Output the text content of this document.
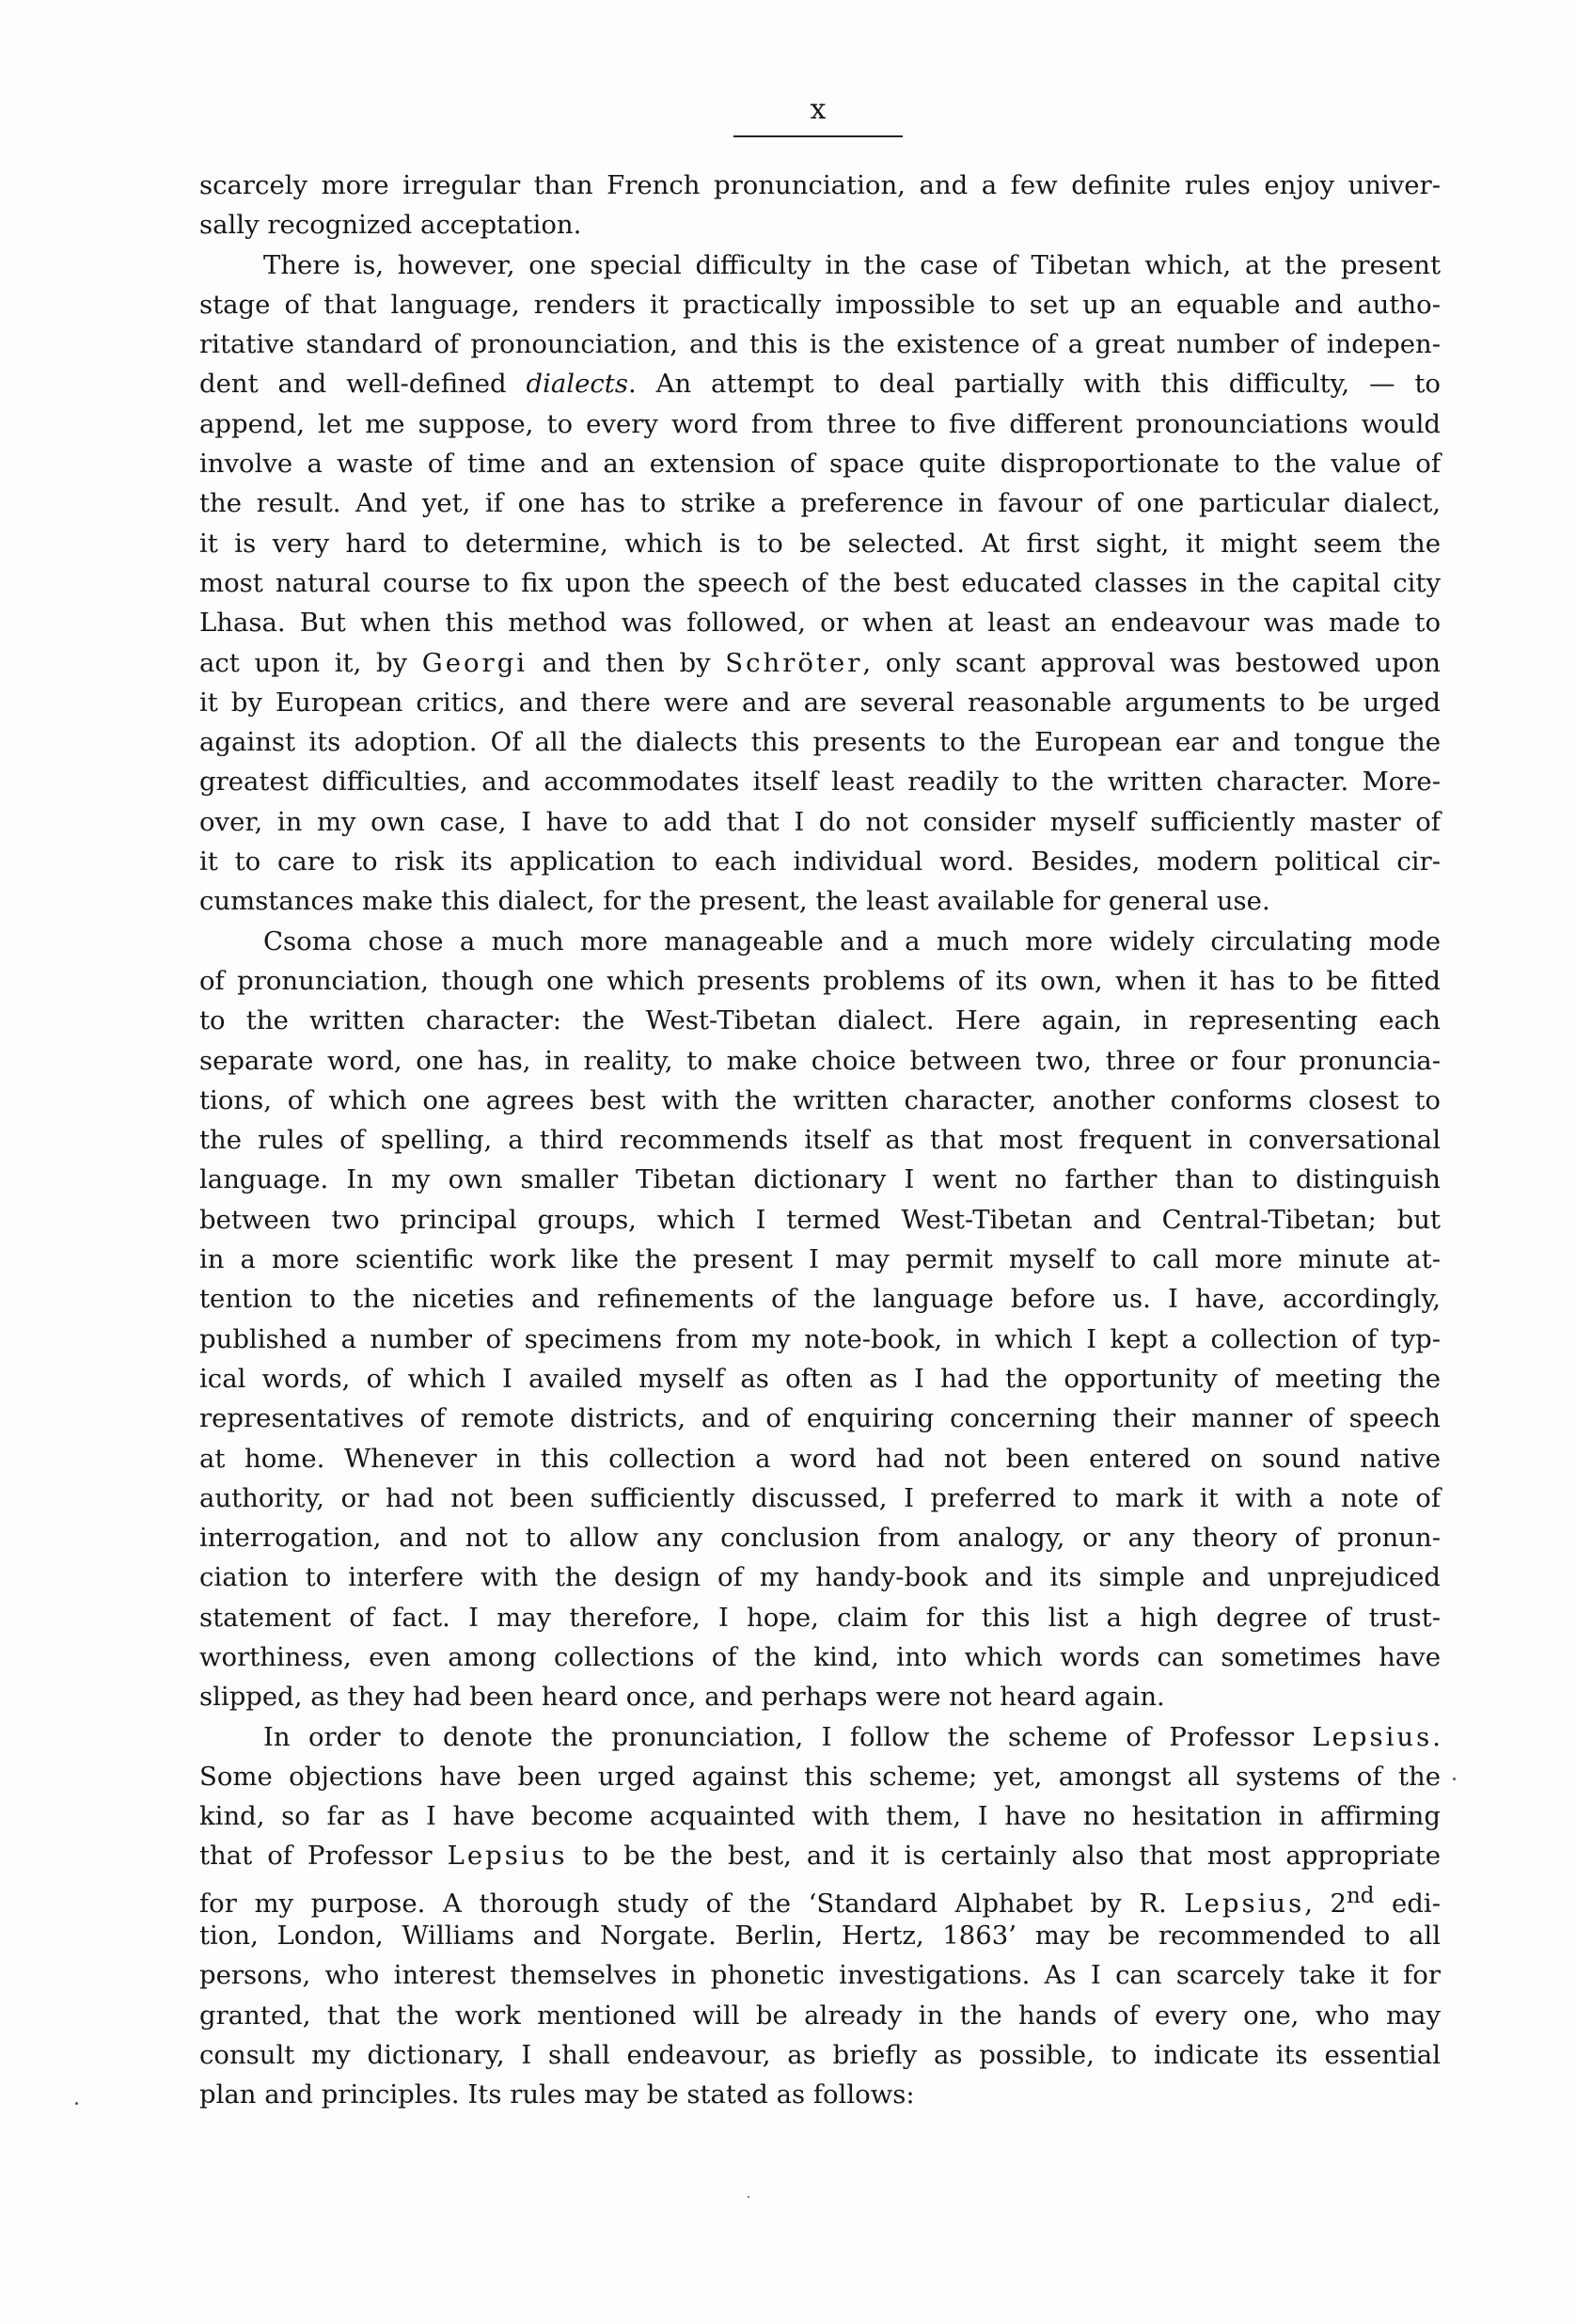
x
scarcely more irregular than French pronunciation, and a few definite rules enjoy univer-
sally recognized acceptation.
There is, however, one special difficulty in the case of Tibetan which, at the present
stage of that language, renders it practically impossible to set up an equable and autho-
ritative standard of pronounciation, and this is the existence of a great number of indepen-
dent and well-defined dialects. An attempt to deal partially with this difficulty, — to
append, let me suppose, to every word from three to five different pronounciations would
involve a waste of time and an extension of space quite disproportionate to the value of
the result. And yet, if one has to strike a preference in favour of one particular dialect,
it is very hard to determine, which is to be selected. At first sight, it might seem the
most natural course to fix upon the speech of the best educated classes in the capital city
Lhasa. But when this method was followed, or when at least an endeavour was made to
act upon it, by Georgi and then by Schröter, only scant approval was bestowed upon
it by European critics, and there were and are several reasonable arguments to be urged
against its adoption. Of all the dialects this presents to the European ear and tongue the
greatest difficulties, and accommodates itself least readily to the written character. More-
over, in my own case, I have to add that I do not consider myself sufficiently master of
it to care to risk its application to each individual word. Besides, modern political cir-
cumstances make this dialect, for the present, the least available for general use.
Csoma chose a much more manageable and a much more widely circulating mode
of pronunciation, though one which presents problems of its own, when it has to be fitted
to the written character: the West-Tibetan dialect. Here again, in representing each
separate word, one has, in reality, to make choice between two, three or four pronuncia-
tions, of which one agrees best with the written character, another conforms closest to
the rules of spelling, a third recommends itself as that most frequent in conversational
language. In my own smaller Tibetan dictionary I went no farther than to distinguish
between two principal groups, which I termed West-Tibetan and Central-Tibetan; but
in a more scientific work like the present I may permit myself to call more minute at-
tention to the niceties and refinements of the language before us. I have, accordingly,
published a number of specimens from my note-book, in which I kept a collection of typ-
ical words, of which I availed myself as often as I had the opportunity of meeting the
representatives of remote districts, and of enquiring concerning their manner of speech
at home. Whenever in this collection a word had not been entered on sound native
authority, or had not been sufficiently discussed, I preferred to mark it with a note of
interrogation, and not to allow any conclusion from analogy, or any theory of pronun-
ciation to interfere with the design of my handy-book and its simple and unprejudiced
statement of fact. I may therefore, I hope, claim for this list a high degree of trust-
worthiness, even among collections of the kind, into which words can sometimes have
slipped, as they had been heard once, and perhaps were not heard again.
In order to denote the pronunciation, I follow the scheme of Professor Lepsius.
Some objections have been urged against this scheme; yet, amongst all systems of the
kind, so far as I have become acquainted with them, I have no hesitation in affirming
that of Professor Lepsius to be the best, and it is certainly also that most appropriate
for my purpose. A thorough study of the ‘Standard Alphabet by R. Lepsius, 2nd edi-
tion, London, Williams and Norgate. Berlin, Hertz, 1863’ may be recommended to all
persons, who interest themselves in phonetic investigations. As I can scarcely take it for
granted, that the work mentioned will be already in the hands of every one, who may
consult my dictionary, I shall endeavour, as briefly as possible, to indicate its essential
plan and principles. Its rules may be stated as follows:
